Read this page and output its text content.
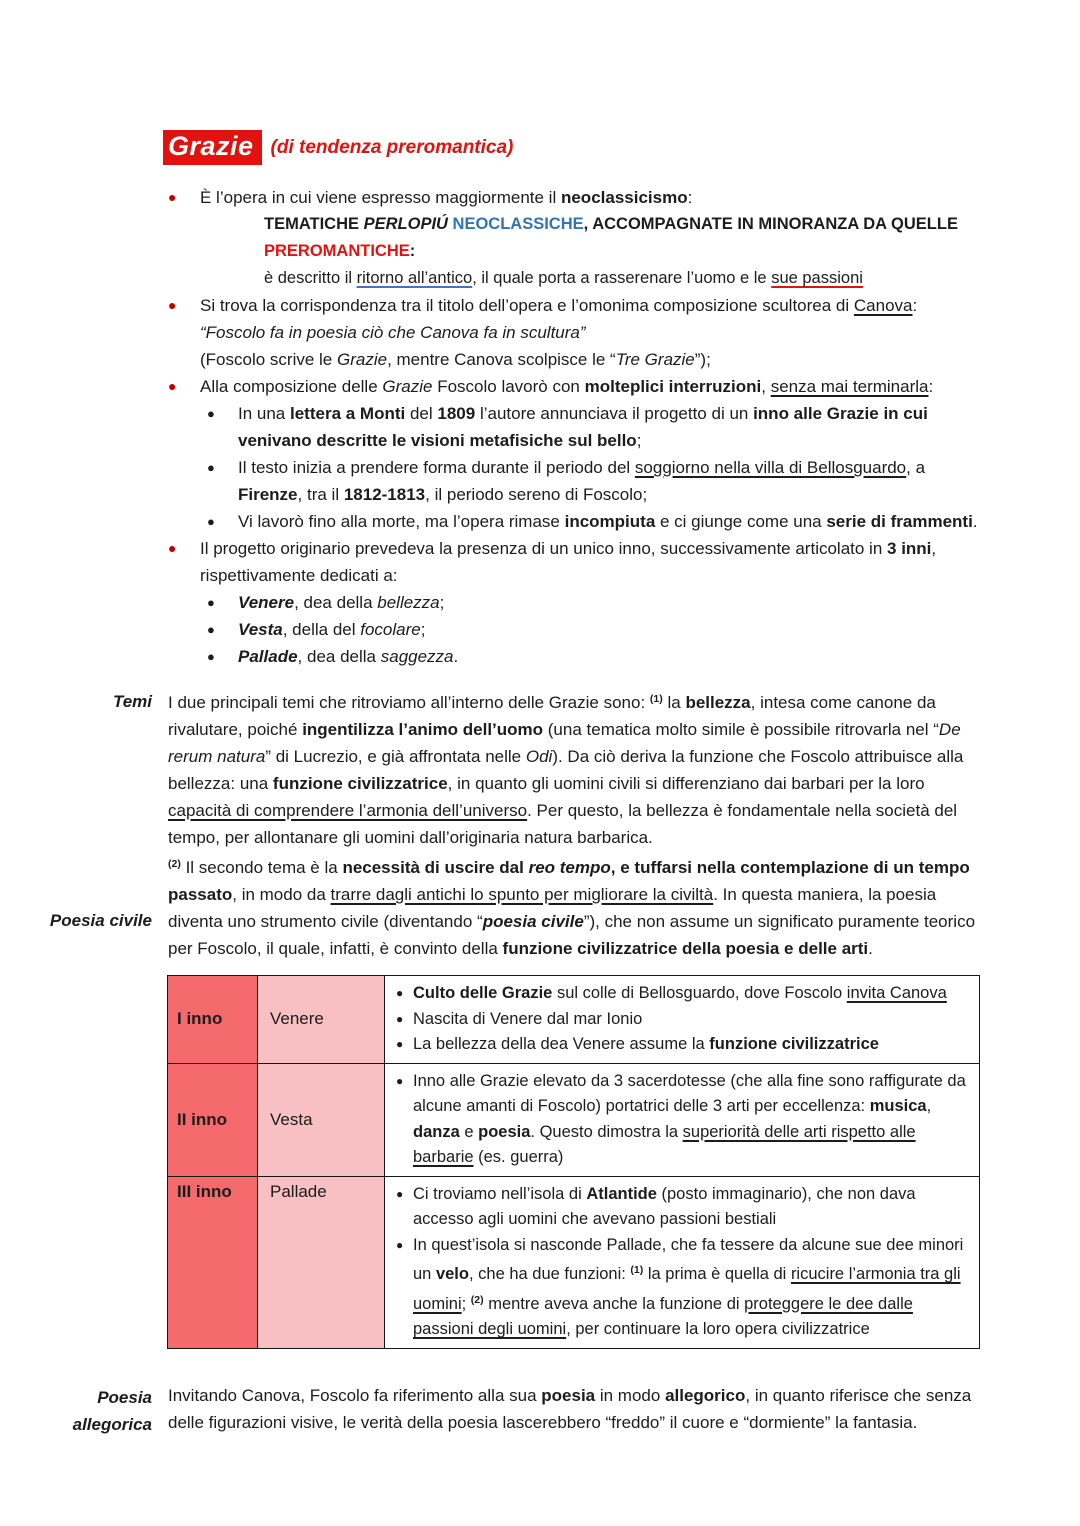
Grazie (di tendenza preromantica)
●	È l’opera in cui viene espresso maggiormente il neoclassicismo:
TEMATICHE PERLOPIÚ NEOCLASSICHE, ACCOMPAGNATE IN MINORANZA DA QUELLE
PREROMANTICHE:
è descritto il ritorno all’antico, il quale porta a rasserenare l’uomo e le sue passioni
●	Si trova la corrispondenza tra il titolo dell’opera e l’omonima composizione scultorea di Canova:
“Foscolo fa in poesia ciò che Canova fa in scultura”
(Foscolo scrive le Grazie, mentre Canova scolpisce le “Tre Grazie”);
●	Alla composizione delle Grazie Foscolo lavorò con molteplici interruzioni, senza mai terminarla:
●	In una lettera a Monti del 1809 l’autore annunciava il progetto di un inno alle Grazie in cui venivano descritte le visioni metafisiche sul bello;
●	Il testo inizia a prendere forma durante il periodo del soggiorno nella villa di Bellosguardo, a Firenze, tra il 1812-1813, il periodo sereno di Foscolo;
●	Vi lavorò fino alla morte, ma l’opera rimase incompiuta e ci giunge come una serie di frammenti.
●	Il progetto originario prevedeva la presenza di un unico inno, successivamente articolato in 3 inni, rispettivamente dedicati a:
●	Venere, dea della bellezza;
●	Vesta, della del focolare;
●	Pallade, dea della saggezza.
Temi I due principali temi che ritroviamo all’interno delle Grazie sono: $^{(1)}$ la bellezza, intesa come canone da rivalutare, poiché ingentilizza l’animo dell’uomo (una tematica molto simile è possibile ritrovarla nel “De rerum natura” di Lucrezio, e già affrontata nelle Odi). Da ciò deriva la funzione che Foscolo attribuisce alla bellezza: una funzione civilizzatrice, in quanto gli uomini civili si differenziano dai barbari per la loro capacità di comprendere l’armonia dell’universo. Per questo, la bellezza è fondamentale nella società del tempo, per allontanare gli uomini dall’originaria natura barbarica.
Poesia civile
$^{(2)}$ Il secondo tema è la necessità di uscire dal reo tempo, e tuffarsi nella contemplazione di un tempo passato, in modo da trarre dagli antichi lo spunto per migliorare la civiltà. In questa maniera, la poesia diventa uno strumento civile (diventando “poesia civile”), che non assume un significato puramente teorico per Foscolo, il quale, infatti, è convinto della funzione civilizzatrice della poesia e delle arti.
I inno	Venere	
● Culto delle Grazie sul colle di Bellosguardo, dove Foscolo invita Canova
● Nascita di Venere dal mar Ionio
● La bellezza della dea Venere assume la funzione civilizzatrice

II inno	Vesta	● Inno alle Grazie elevato da 3 sacerdotesse (che alla fine sono raffigurate da alcune amanti di Foscolo) portatrici delle 3 arti per eccellenza: musica, danza e poesia. Questo dimostra la superiorità delle arti rispetto alle barbarie (es. guerra)

III inno	Pallade	● Ci troviamo nell’isola di Atlantide (posto immaginario), che non dava accesso agli uomini che avevano passioni bestiali
● In quest’isola si nasconde Pallade, che fa tessere da alcune sue dee minori un velo, che ha due funzioni: $^{(1)}$ la prima è quella di ricucire l’armonia tra gli uomini; $^{(2)}$ mentre aveva anche la funzione di proteggere le dee dalle passioni degli uomini, per continuare la loro opera civilizzatrice
Poesia allegorica
Invitando Canova, Foscolo fa riferimento alla sua poesia in modo allegorico, in quanto riferisce che senza delle figurazioni visive, le verità della poesia lascerebbero “freddo” il cuore e “dormiente” la fantasia.
